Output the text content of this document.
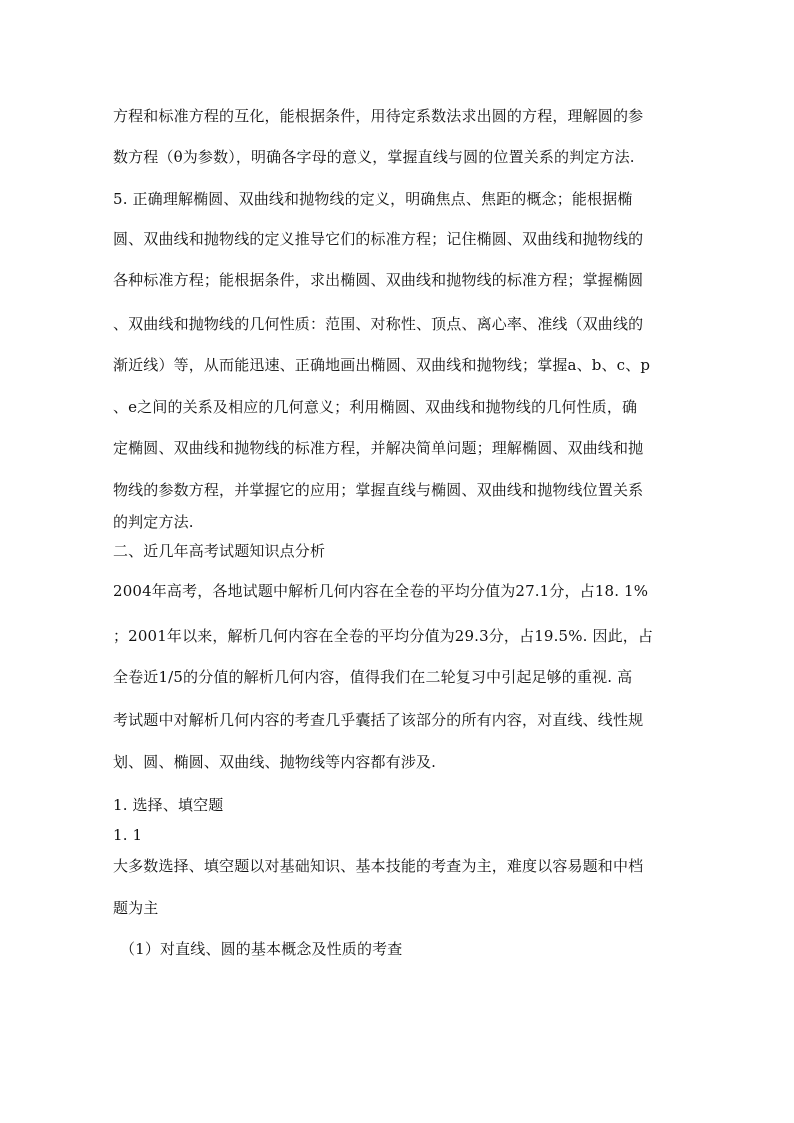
方程和标准方程的互化，能根据条件，用待定系数法求出圆的方程，理解圆的参
数方程（θ为参数），明确各字母的意义，掌握直线与圆的位置关系的判定方法.
5. 正确理解椭圆、双曲线和抛物线的定义，明确焦点、焦距的概念；能根据椭
圆、双曲线和抛物线的定义推导它们的标准方程；记住椭圆、双曲线和抛物线的
各种标准方程；能根据条件，求出椭圆、双曲线和抛物线的标准方程；掌握椭圆
、双曲线和抛物线的几何性质：范围、对称性、顶点、离心率、准线（双曲线的
渐近线）等，从而能迅速、正确地画出椭圆、双曲线和抛物线；掌握a、b、c、p
、e之间的关系及相应的几何意义；利用椭圆、双曲线和抛物线的几何性质，确
定椭圆、双曲线和抛物线的标准方程，并解决简单问题；理解椭圆、双曲线和抛
物线的参数方程，并掌握它的应用；掌握直线与椭圆、双曲线和抛物线位置关系
的判定方法.
二、近几年高考试题知识点分析
2004年高考，各地试题中解析几何内容在全卷的平均分值为27.1分，占18. 1%
；2001年以来，解析几何内容在全卷的平均分值为29.3分，占19.5%. 因此，占
全卷近1/5的分值的解析几何内容，值得我们在二轮复习中引起足够的重视. 高
考试题中对解析几何内容的考查几乎囊括了该部分的所有内容，对直线、线性规
划、圆、椭圆、双曲线、抛物线等内容都有涉及.
1. 选择、填空题
1. 1
大多数选择、填空题以对基础知识、基本技能的考查为主，难度以容易题和中档
题为主
（1）对直线、圆的基本概念及性质的考查
